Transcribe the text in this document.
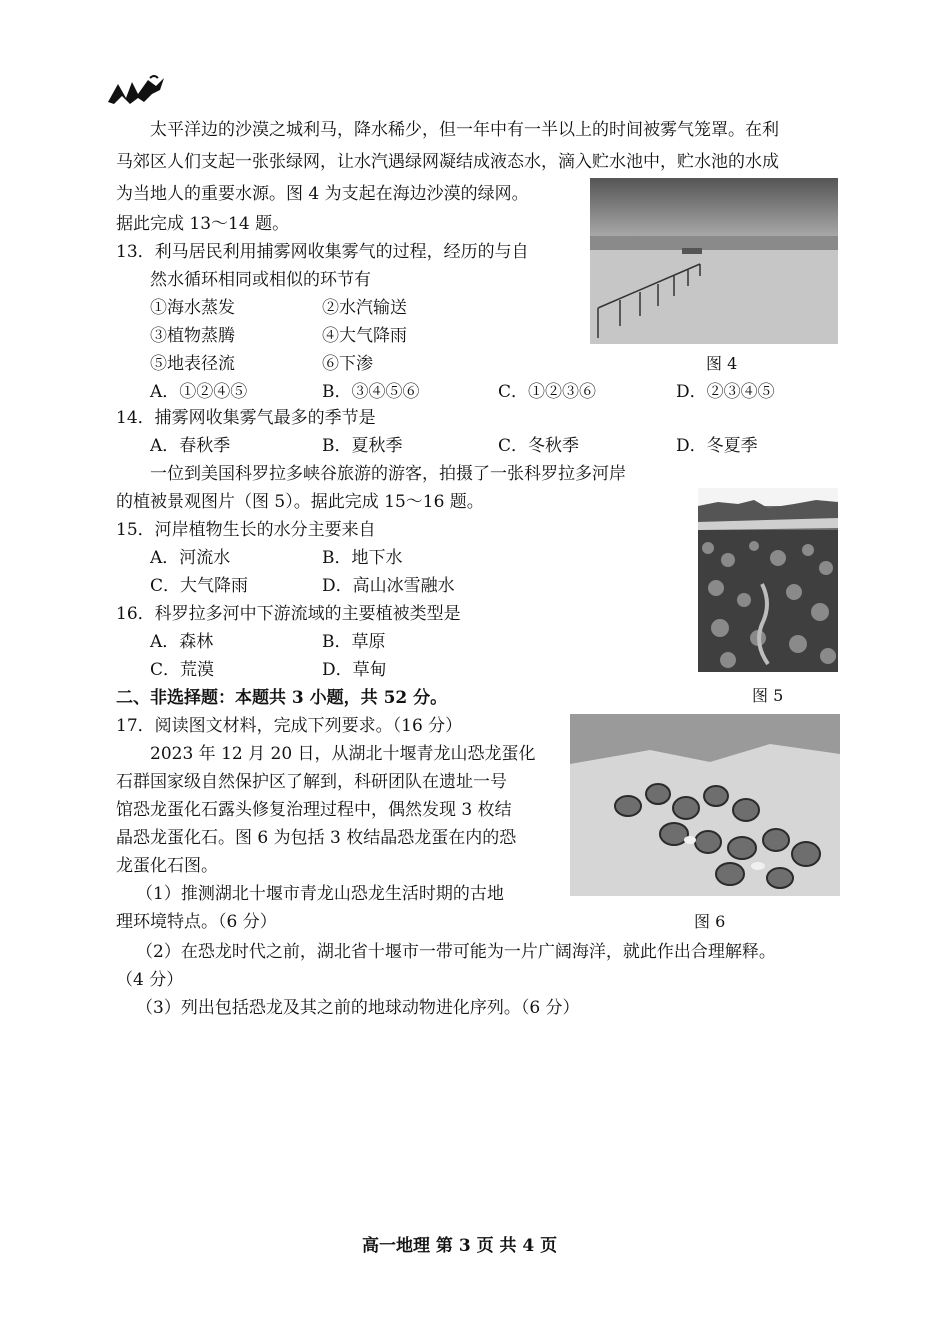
太平洋边的沙漠之城利马，降水稀少，但一年中有一半以上的时间被雾气笼罩。在利
马郊区人们支起一张张绿网，让水汽遇绿网凝结成液态水，滴入贮水池中，贮水池的水成
为当地人的重要水源。图 4 为支起在海边沙漠的绿网。
据此完成 13～14 题。
13．利马居民利用捕雾网收集雾气的过程，经历的与自
然水循环相同或相似的环节有
①海水蒸发	②水汽输送
③植物蒸腾	④大气降雨
⑤地表径流	⑥下渗	图 4
A．①②④⑤	B．③④⑤⑥	C．①②③⑥	D．②③④⑤
14．捕雾网收集雾气最多的季节是
A．春秋季	B．夏秋季	C．冬秋季	D．冬夏季
一位到美国科罗拉多峡谷旅游的游客，拍摄了一张科罗拉多河岸
的植被景观图片（图 5）。据此完成 15～16 题。
15．河岸植物生长的水分主要来自
A．河流水	B．地下水
C．大气降雨	D．高山冰雪融水
16．科罗拉多河中下游流域的主要植被类型是
A．森林	B．草原
C．荒漠	D．草甸
二、非选择题：本题共 3 小题，共 52 分。	图 5
17．阅读图文材料，完成下列要求。（16 分）
2023 年 12 月 20 日，从湖北十堰青龙山恐龙蛋化
石群国家级自然保护区了解到，科研团队在遗址一号
馆恐龙蛋化石露头修复治理过程中，偶然发现 3 枚结
晶恐龙蛋化石。图 6 为包括 3 枚结晶恐龙蛋在内的恐
龙蛋化石图。
（1）推测湖北十堰市青龙山恐龙生活时期的古地
理环境特点。（6 分）	图 6
（2）在恐龙时代之前，湖北省十堰市一带可能为一片广阔海洋，就此作出合理解释。
（4 分）
（3）列出包括恐龙及其之前的地球动物进化序列。（6 分）
高一地理 第 3 页 共 4 页
